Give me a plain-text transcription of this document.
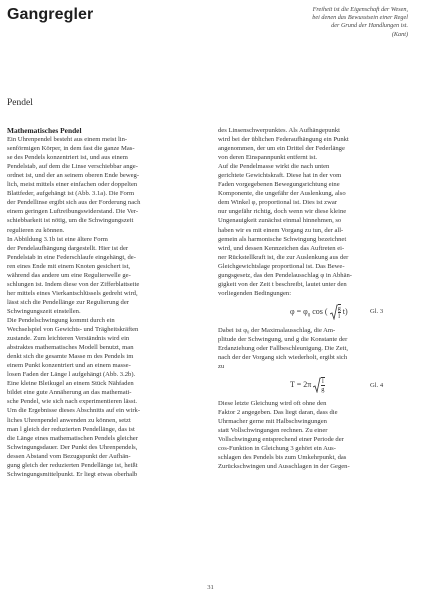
Gangregler	Freiheit ist die Eigenschaft der Wesen,
bei denen das Bewusstsein einer Regel
der Grund der Handlungen ist.
(Kant)
Pendel
Mathematisches Pendel
Ein Uhrenpendel besteht aus einem meist lin-
senförmigen Körper, in dem fast die ganze Mas-
se des Pendels konzentriert ist, und aus einem
Pendelstab, auf dem die Linse verschiebbar ange-
ordnet ist, und der an seinem oberen Ende beweg-
lich, meist mittels einer einfachen oder doppelten
Blattfeder, aufgehängt ist (Abb. 3.1a). Die Form
der Pendellinse ergibt sich aus der Forderung nach
einem geringen Luftreibungswiderstand. Die Ver-
schiebbarkeit ist nötig, um die Schwingungszeit
regulieren zu können.
In Abbildung 3.1b ist eine ältere Form
der Pendelaufhängung dargestellt. Hier ist der
Pendelstab in eine Federschlaufe eingehängt, de-
ren eines Ende mit einem Knoten gesichert ist,
während das andere um eine Regulierwelle ge-
schlungen ist. Indem diese von der Zifferblattseite
her mittels eines Vierkantschlüssels gedreht wird,
lässt sich die Pendellänge zur Regulierung der
Schwingungszeit einstellen.
Die Pendelschwingung kommt durch ein
Wechselspiel von Gewichts- und Trägheitskräften
zustande. Zum leichteren Verständnis wird ein
abstraktes mathematisches Modell benutzt, man
denkt sich die gesamte Masse m des Pendels im
einem Punkt konzentriert und an einem masse-
losen Faden der Länge l aufgehängt (Abb. 3.2b).
Eine kleine Bleikugel an einem Stück Nähfaden
bildet eine gute Annäherung an das mathemati-
sche Pendel, wie sich nach experimentieren lässt.
Um die Ergebnisse dieses Abschnitts auf ein wirk-
liches Uhrenpendel anwenden zu können, setzt
man l gleich der reduzierten Pendellänge, das ist
die Länge eines mathematischen Pendels gleicher
Schwingungsdauer. Der Punkt des Uhrenpendels,
dessen Abstand vom Bezugspunkt der Aufhän-
gung gleich der reduzierten Pendellänge ist, heißt
Schwingungsmittelpunkt. Er liegt etwas oberhalb
des Linsenschwerpunktes. Als Aufhängepunkt
wird bei der üblichen Federaufhängung ein Punkt
angenommen, der um ein Drittel der Federlänge
von deren Einspannpunkt entfernt ist.
Auf die Pendelmasse wirkt die nach unten
gerichtete Gewichtskraft. Diese hat in der vom
Faden vorgegebenen Bewegungsrichtung eine
Komponente, die ungefähr der Auslenkung, also
dem Winkel φ, proportional ist. Dies ist zwar
nur ungefähr richtig, doch wenn wir diese kleine
Ungenauigkeit zunächst einmal hinnehmen, so
haben wir es mit einem Vorgang zu tun, der all-
gemein als harmonische Schwingung bezeichnet
wird, und dessen Kennzeichen das Auftreten ei-
ner Rückstellkraft ist, die zur Auslenkung aus der
Gleichgewichtslage proportional ist. Das Bewe-
gungsgesetz, das den Pendelausschlag φ in Abhän-
gigkeit von der Zeit t beschreibt, lautet unter den
vorliegenden Bedingungen:
$\varphi = \varphi_0$ cos ( $\frac{g}{l} t$)	Gl. 3
Dabei ist φ₀ der Maximalausschlag, die Am-
plitude der Schwingung, und g die Konstante der
Erdanziehung oder Fallbeschleunigung. Die Zeit,
nach der der Vorgang sich wiederholt, ergibt sich
zu
$T = 2\pi \frac{l}{g}$	Gl. 4
Diese letzte Gleichung wird oft ohne den
Faktor 2 angegeben. Das liegt daran, dass die
Uhrmacher gerne mit Halbschwingungen
statt Vollschwingungen rechnen. Zu einer
Vollschwingung entsprechend einer Periode der
cos-Funktion in Gleichung 3 gehört ein Aus-
schlagen des Pendels bis zum Umkehrpunkt, das
Zurückschwingen und Ausschlagen in der Gegen-
31
